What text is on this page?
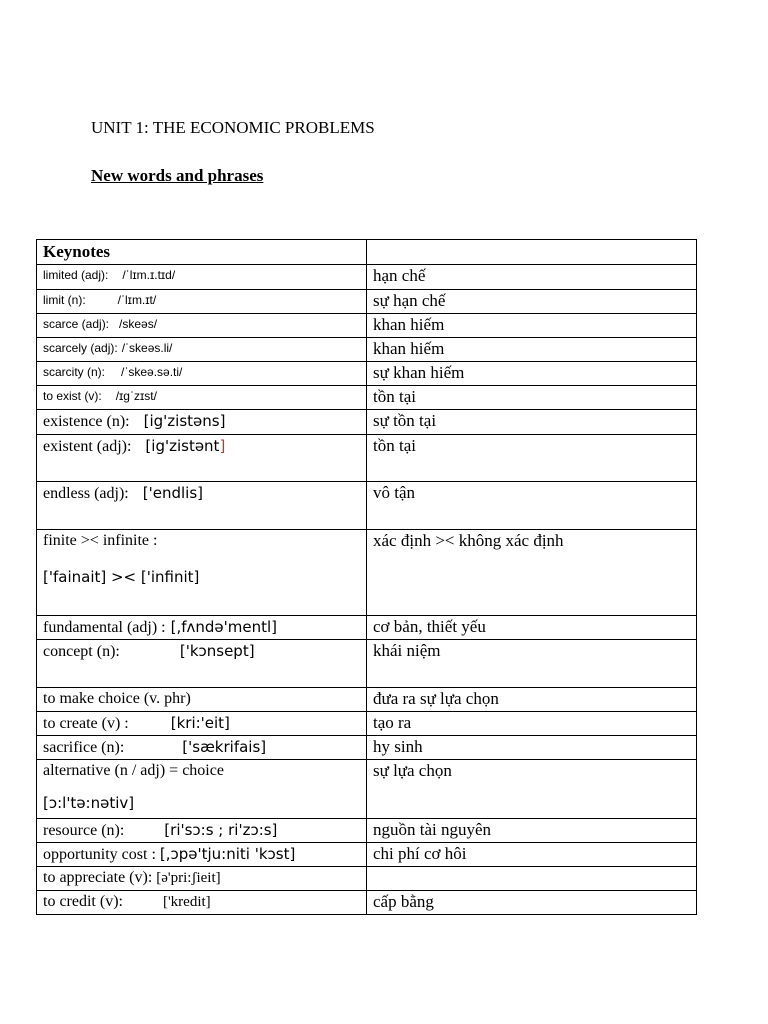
UNIT 1: THE ECONOMIC PROBLEMS
New words and phrases
Keynotes	
limited (adj): /ˈlɪm.ɪ.tɪd/	hạn chế
limit (n): /ˈlɪm.ɪt/	sự hạn chế
scarce (adj): /skeəs/	khan hiếm
scarcely (adj): /ˈskeəs.li/	khan hiếm
scarcity (n): /ˈskeə.sə.ti/	sự khan hiếm
to exist (v): /ɪɡˈzɪst/	tồn tại
existence (n): [ig'zistəns]	sự tồn tại
existent (adj): [ig'zistənt]	tồn tại
endless (adj): ['endlis]	vô tận
finite >< infinite :
['fainait] >< ['infinit]	xác định >< không xác định
fundamental (adj) : [,fʌndə'mentl]	cơ bản, thiết yếu
concept (n): ['kɔnsept]	khái niệm
to make choice (v. phr)	đưa ra sự lựa chọn
to create (v) : [kri:'eit]	tạo ra
sacrifice (n): ['sækrifais]	hy sinh
alternative (n / adj) = choice
[ɔ:l'tə:nətiv]	sự lựa chọn
resource (n): [ri'sɔ:s ; ri'zɔ:s]	nguồn tài nguyên
opportunity cost : [,ɔpə'tju:niti 'kɔst]	chi phí cơ hôi
to appreciate (v): [ə'pri:ʃieit]	
to credit (v): ['kredit]	cấp bằng
